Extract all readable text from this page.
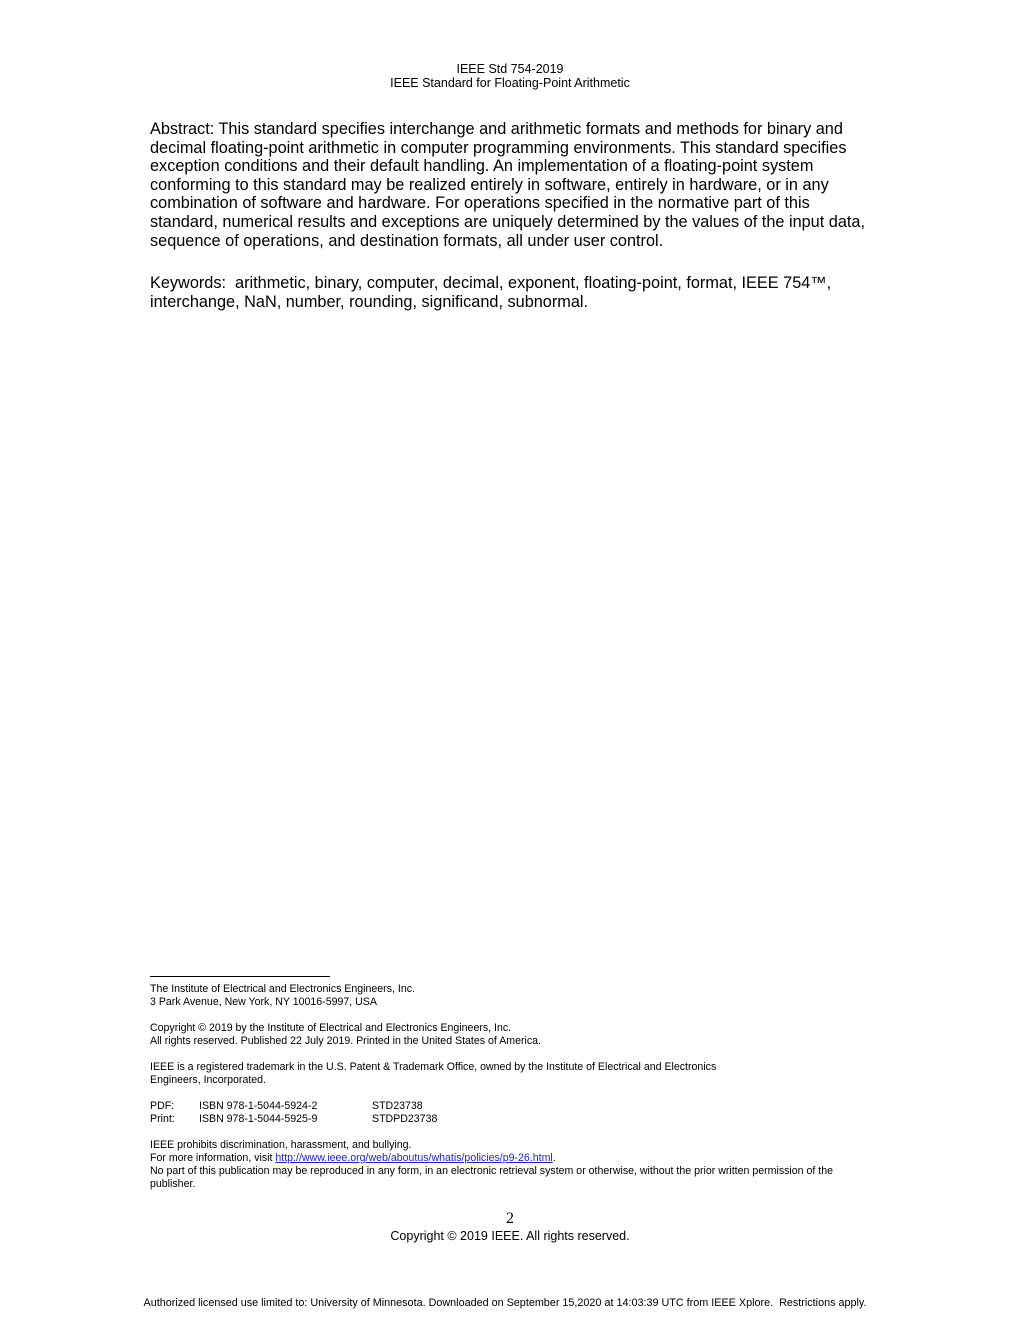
IEEE Std 754-2019
IEEE Standard for Floating-Point Arithmetic
Abstract: This standard specifies interchange and arithmetic formats and methods for binary and decimal floating-point arithmetic in computer programming environments. This standard specifies exception conditions and their default handling. An implementation of a floating-point system conforming to this standard may be realized entirely in software, entirely in hardware, or in any combination of software and hardware. For operations specified in the normative part of this standard, numerical results and exceptions are uniquely determined by the values of the input data, sequence of operations, and destination formats, all under user control.
Keywords:  arithmetic, binary, computer, decimal, exponent, floating-point, format, IEEE 754™, interchange, NaN, number, rounding, significand, subnormal.
The Institute of Electrical and Electronics Engineers, Inc.
3 Park Avenue, New York, NY 10016-5997, USA
Copyright © 2019 by the Institute of Electrical and Electronics Engineers, Inc.
All rights reserved. Published 22 July 2019. Printed in the United States of America.
IEEE is a registered trademark in the U.S. Patent & Trademark Office, owned by the Institute of Electrical and Electronics
Engineers, Incorporated.
PDF: ISBN 978-1-5044-5924-2	STD23738
Print: ISBN 978-1-5044-5925-9	STDPD23738
IEEE prohibits discrimination, harassment, and bullying.
For more information, visit http://www.ieee.org/web/aboutus/whatis/policies/p9-26.html.
No part of this publication may be reproduced in any form, in an electronic retrieval system or otherwise, without the prior written permission of the publisher.
2
Copyright © 2019 IEEE. All rights reserved.
Authorized licensed use limited to: University of Minnesota. Downloaded on September 15,2020 at 14:03:39 UTC from IEEE Xplore.  Restrictions apply.
